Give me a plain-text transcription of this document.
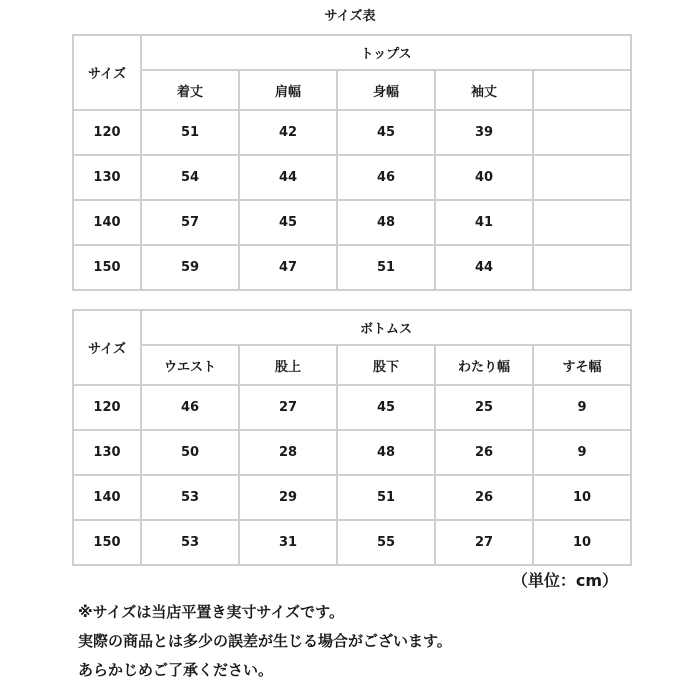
サイズ表
サイズ	トップス				
	着丈	肩幅	身幅	袖丈	
120	51	42	45	39	
130	54	44	46	40	
140	57	45	48	41	
150	59	47	51	44	
サイズ	ボトムス				
	ウエスト	股上	股下	わたり幅	すそ幅
120	46	27	45	25	9
130	50	28	48	26	9
140	53	29	51	26	10
150	53	31	55	27	10
（単位：cm）
※サイズは当店平置き実寸サイズです。
実際の商品とは多少の誤差が生じる場合がございます。
あらかじめご了承ください。
